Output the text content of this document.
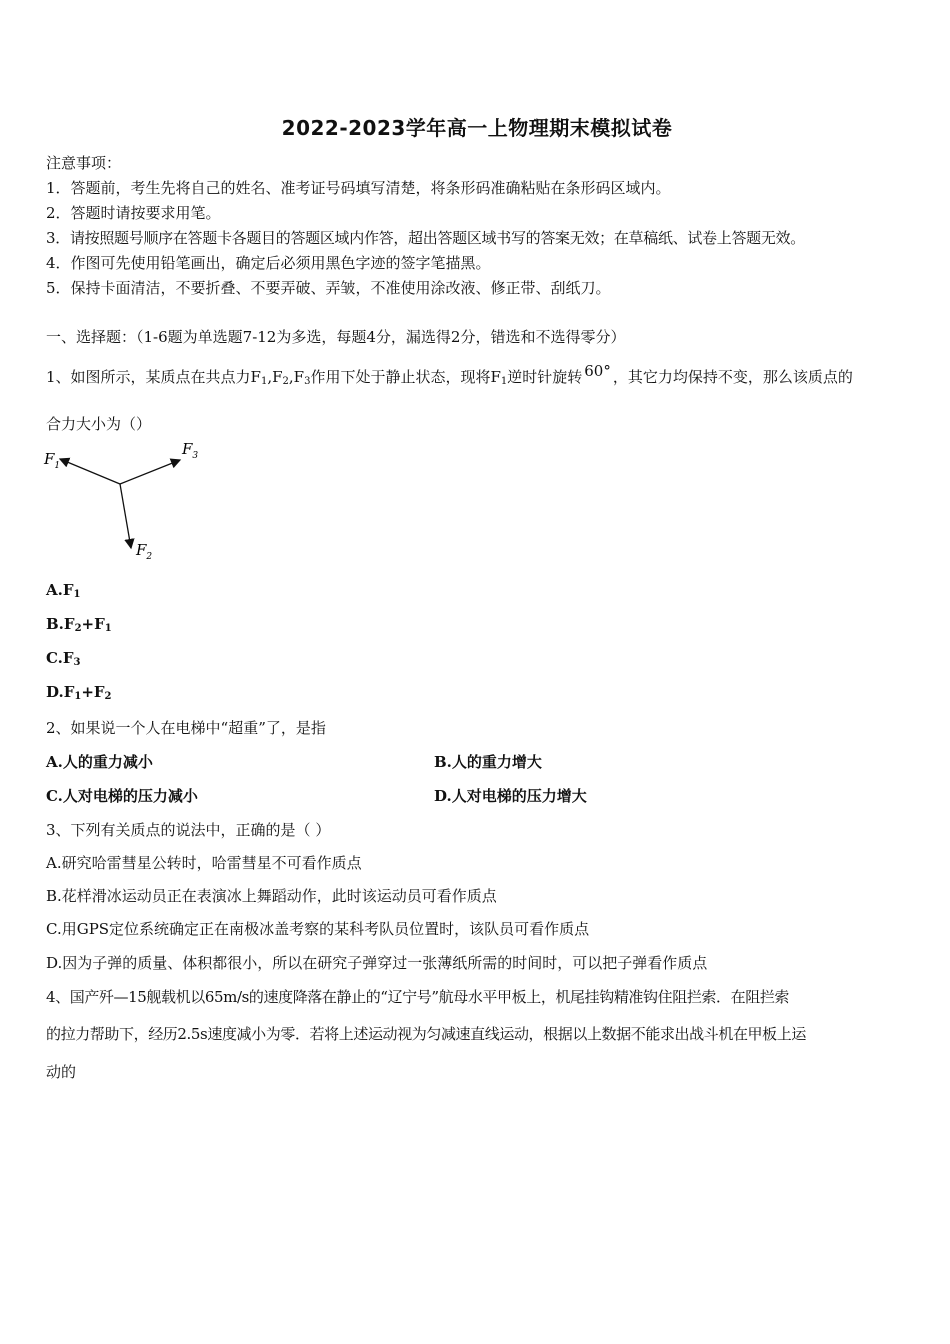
2022-2023学年高一上物理期末模拟试卷
注意事项：
1．答题前，考生先将自己的姓名、准考证号码填写清楚，将条形码准确粘贴在条形码区域内。
2．答题时请按要求用笔。
3．请按照题号顺序在答题卡各题目的答题区域内作答，超出答题区域书写的答案无效；在草稿纸、试卷上答题无效。
4．作图可先使用铅笔画出，确定后必须用黑色字迹的签字笔描黑。
5．保持卡面清洁，不要折叠、不要弄破、弄皱，不准使用涂改液、修正带、刮纸刀。
一、选择题：（1-6题为单选题7-12为多选，每题4分，漏选得2分，错选和不选得零分）
1、如图所示，某质点在共点力$F_1,F_2,F_3$作用下处于静止状态，现将$F_1$逆时针旋转 60° ，其它力均保持不变，那么该质点的
合力大小为（）
$F_1$
$F_3$
$F_2$
$A.F_1$
$B.F_2+F_1$
$C.F_3$
$D.F_1+F_2$
2、如果说一个人在电梯中“超重”了，是指
A.人的重力减小	B.人的重力增大
C.人对电梯的压力减小	D.人对电梯的压力增大
3、下列有关质点的说法中，正确的是（ ）
A.研究哈雷彗星公转时，哈雷彗星不可看作质点
B.花样滑冰运动员正在表演冰上舞蹈动作，此时该运动员可看作质点
C.用GPS定位系统确定正在南极冰盖考察的某科考队员位置时，该队员可看作质点
D.因为子弹的质量、体积都很小，所以在研究子弹穿过一张薄纸所需的时间时，可以把子弹看作质点
4、国产歼—15舰载机以65m/s的速度降落在静止的“辽宁号”航母水平甲板上，机尾挂钩精准钩住阻拦索．在阻拦索
的拉力帮助下，经历2.5s速度减小为零．若将上述运动视为匀减速直线运动，根据以上数据不能求出战斗机在甲板上运
动的
